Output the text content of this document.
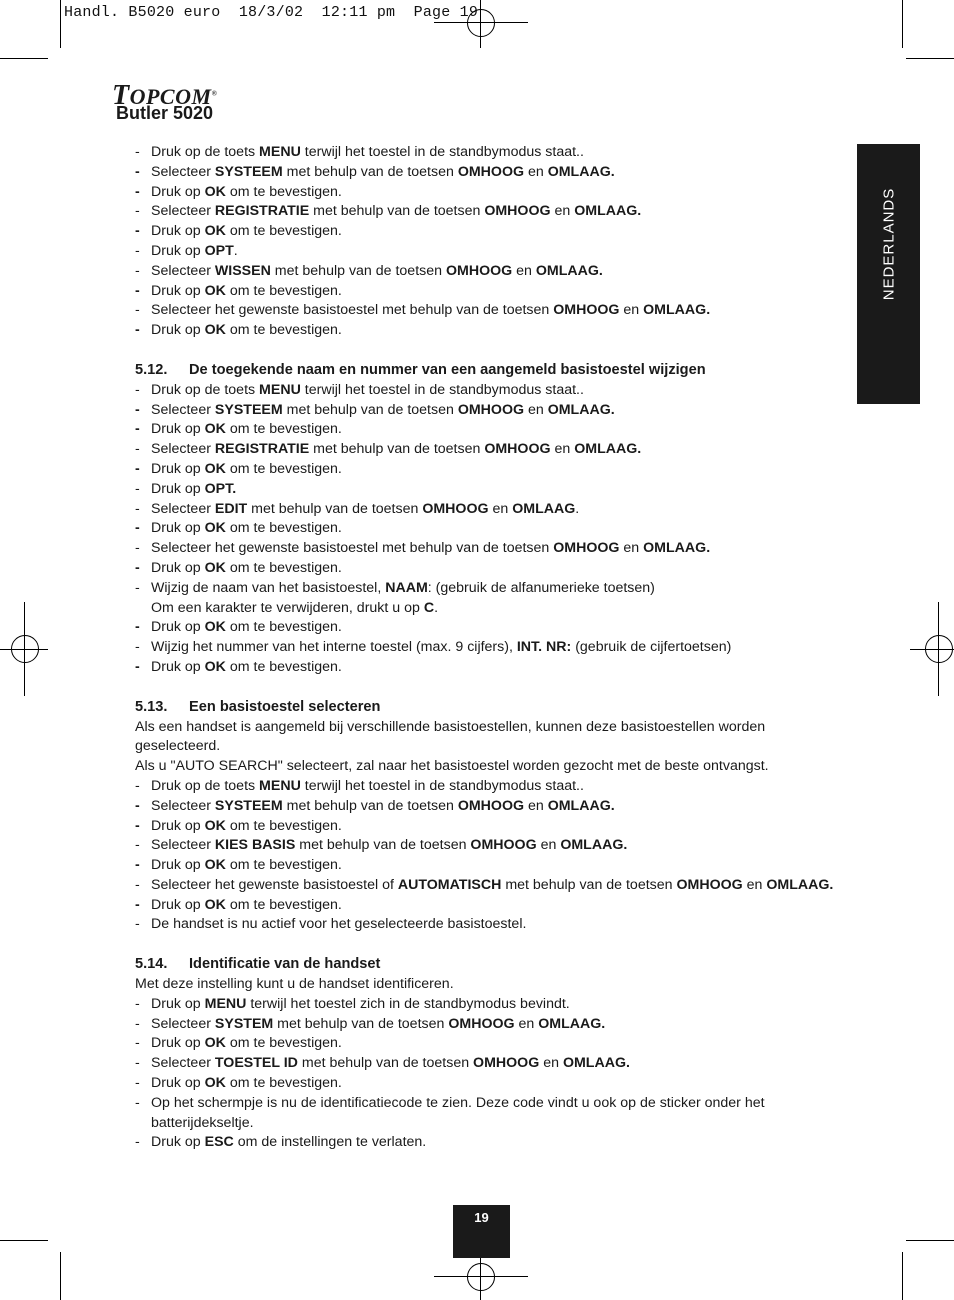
Handl. B5020 euro  18/3/02  12:11 pm  Page 19
TOPCOM®
Butler 5020
NEDERLANDS
- Druk op de toets MENU terwijl het toestel in de standbymodus staat..
- Selecteer SYSTEEM met behulp van de toetsen OMHOOG en OMLAAG.
- Druk op OK om te bevestigen.
- Selecteer REGISTRATIE met behulp van de toetsen OMHOOG en OMLAAG.
- Druk op OK om te bevestigen.
- Druk op OPT.
- Selecteer WISSEN met behulp van de toetsen OMHOOG en OMLAAG.
- Druk op OK om te bevestigen.
- Selecteer het gewenste basistoestel met behulp van de toetsen OMHOOG en OMLAAG.
- Druk op OK om te bevestigen.
5.12. De toegekende naam en nummer van een aangemeld basistoestel wijzigen
- Druk op de toets MENU terwijl het toestel in de standbymodus staat..
- Selecteer SYSTEEM met behulp van de toetsen OMHOOG en OMLAAG.
- Druk op OK om te bevestigen.
- Selecteer REGISTRATIE met behulp van de toetsen OMHOOG en OMLAAG.
- Druk op OK om te bevestigen.
- Druk op OPT.
- Selecteer EDIT met behulp van de toetsen OMHOOG en OMLAAG.
- Druk op OK om te bevestigen.
- Selecteer het gewenste basistoestel met behulp van de toetsen OMHOOG en OMLAAG.
- Druk op OK om te bevestigen.
- Wijzig de naam van het basistoestel, NAAM: (gebruik de alfanumerieke toetsen)
Om een karakter te verwijderen, drukt u op C.
- Druk op OK om te bevestigen.
- Wijzig het nummer van het interne toestel (max. 9 cijfers), INT. NR: (gebruik de cijfertoetsen)
- Druk op OK om te bevestigen.
5.13. Een basistoestel selecteren
Als een handset is aangemeld bij verschillende basistoestellen, kunnen deze basistoestellen worden geselecteerd.
Als u "AUTO SEARCH" selecteert, zal naar het basistoestel worden gezocht met de beste ontvangst.
- Druk op de toets MENU terwijl het toestel in de standbymodus staat..
- Selecteer SYSTEEM met behulp van de toetsen OMHOOG en OMLAAG.
- Druk op OK om te bevestigen.
- Selecteer KIES BASIS met behulp van de toetsen OMHOOG en OMLAAG.
- Druk op OK om te bevestigen.
- Selecteer het gewenste basistoestel of AUTOMATISCH met behulp van de toetsen OMHOOG en OMLAAG.
- Druk op OK om te bevestigen.
- De handset is nu actief voor het geselecteerde basistoestel.
5.14. Identificatie van de handset
Met deze instelling kunt u de handset identificeren.
- Druk op MENU terwijl het toestel zich in de standbymodus bevindt.
- Selecteer SYSTEM met behulp van de toetsen OMHOOG en OMLAAG.
- Druk op OK om te bevestigen.
- Selecteer TOESTEL ID met behulp van de toetsen OMHOOG en OMLAAG.
- Druk op OK om te bevestigen.
- Op het schermpje is nu de identificatiecode te zien. Deze code vindt u ook op de sticker onder het batterijdekseltje.
- Druk op ESC om de instellingen te verlaten.
19
